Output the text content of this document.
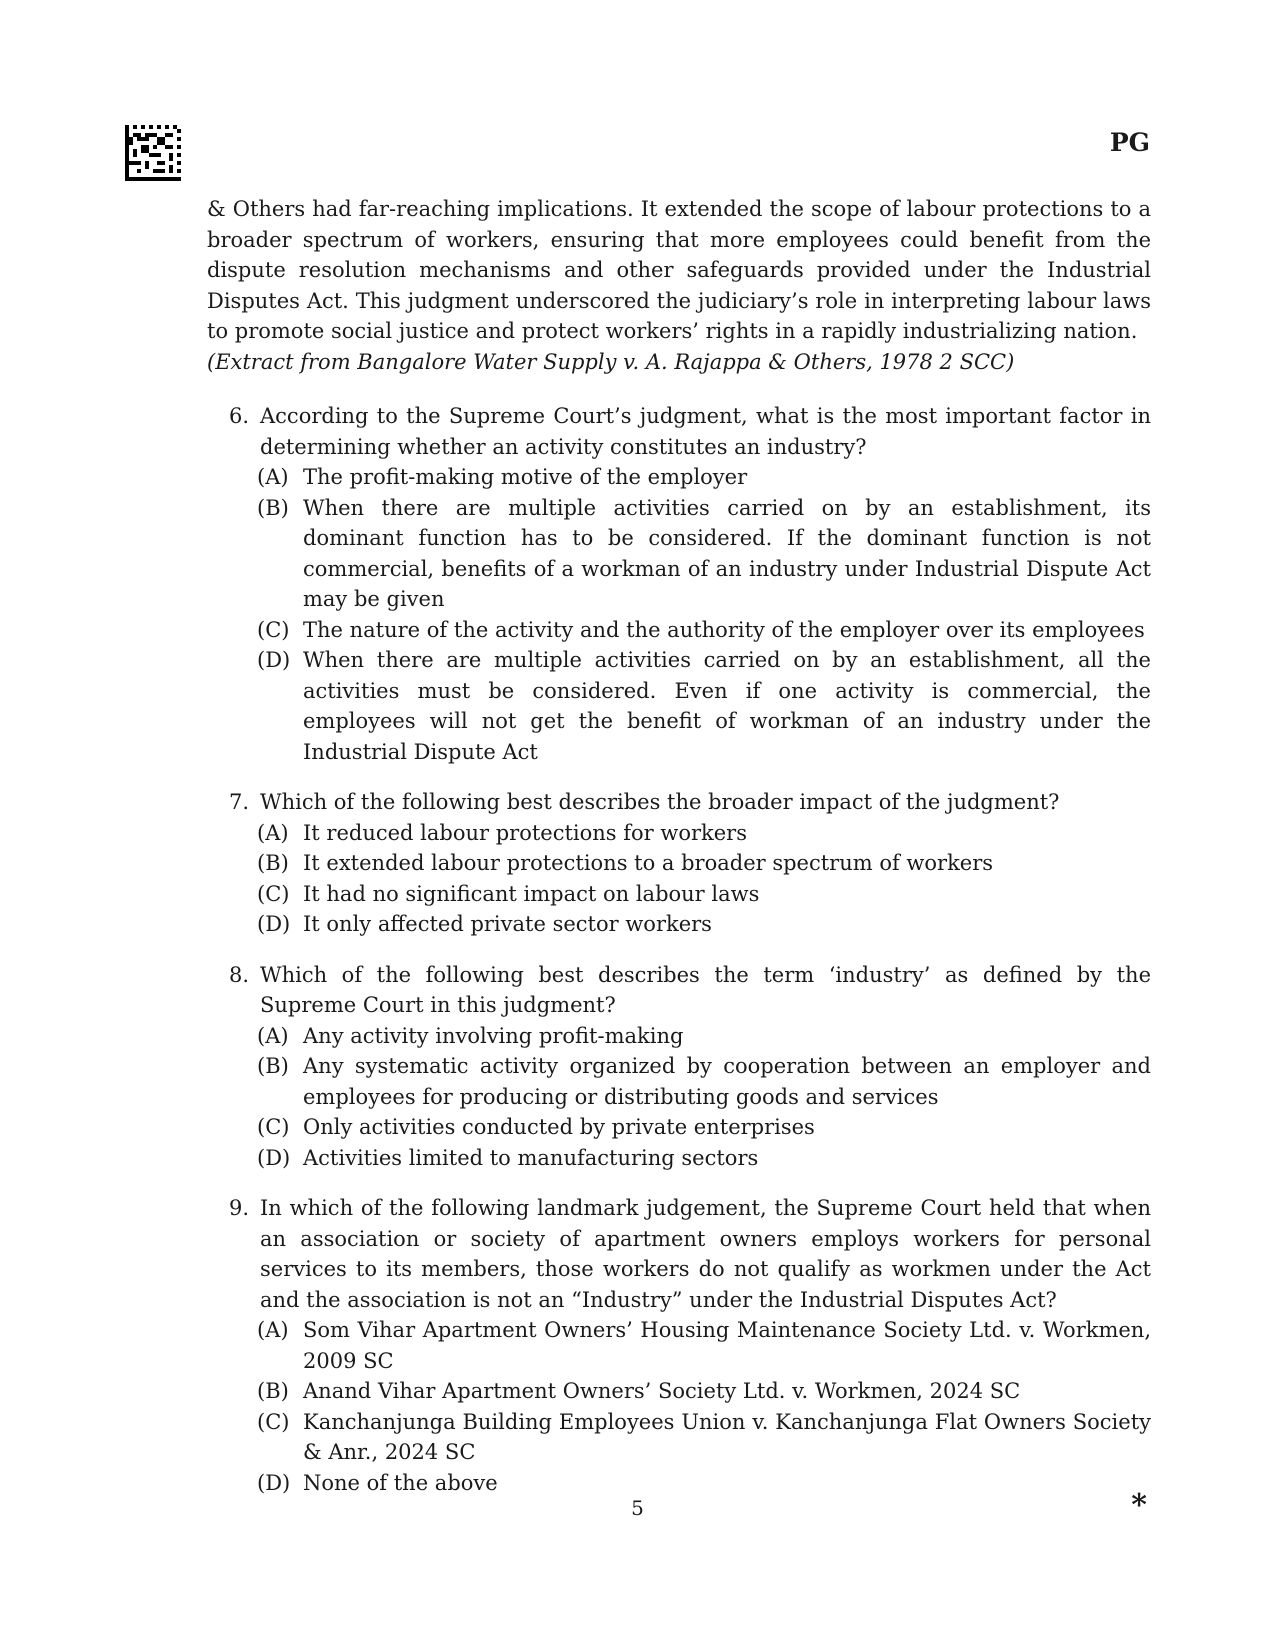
PG

& Others had far-reaching implications. It extended the scope of labour protections to a broader spectrum of workers, ensuring that more employees could benefit from the dispute resolution mechanisms and other safeguards provided under the Industrial Disputes Act. This judgment underscored the judiciary’s role in interpreting labour laws to promote social justice and protect workers’ rights in a rapidly industrializing nation.

(Extract from Bangalore Water Supply v. A. Rajappa & Others, 1978 2 SCC)

6. According to the Supreme Court’s judgment, what is the most important factor in determining whether an activity constitutes an industry?
(A) The profit-making motive of the employer
(B) When there are multiple activities carried on by an establishment, its dominant function has to be considered. If the dominant function is not commercial, benefits of a workman of an industry under Industrial Dispute Act may be given
(C) The nature of the activity and the authority of the employer over its employees
(D) When there are multiple activities carried on by an establishment, all the activities must be considered. Even if one activity is commercial, the employees will not get the benefit of workman of an industry under the Industrial Dispute Act
7. Which of the following best describes the broader impact of the judgment?
(A) It reduced labour protections for workers
(B) It extended labour protections to a broader spectrum of workers
(C) It had no significant impact on labour laws
(D) It only affected private sector workers
8. Which of the following best describes the term ‘industry’ as defined by the Supreme Court in this judgment?
(A) Any activity involving profit-making
(B) Any systematic activity organized by cooperation between an employer and employees for producing or distributing goods and services
(C) Only activities conducted by private enterprises
(D) Activities limited to manufacturing sectors
9. In which of the following landmark judgement, the Supreme Court held that when an association or society of apartment owners employs workers for personal services to its members, those workers do not qualify as workmen under the Act and the association is not an “Industry” under the Industrial Disputes Act?
(A) Som Vihar Apartment Owners’ Housing Maintenance Society Ltd. v. Workmen, 2009 SC
(B) Anand Vihar Apartment Owners’ Society Ltd. v. Workmen, 2024 SC
(C) Kanchanjunga Building Employees Union v. Kanchanjunga Flat Owners Society & Anr., 2024 SC
(D) None of the above
5	*
